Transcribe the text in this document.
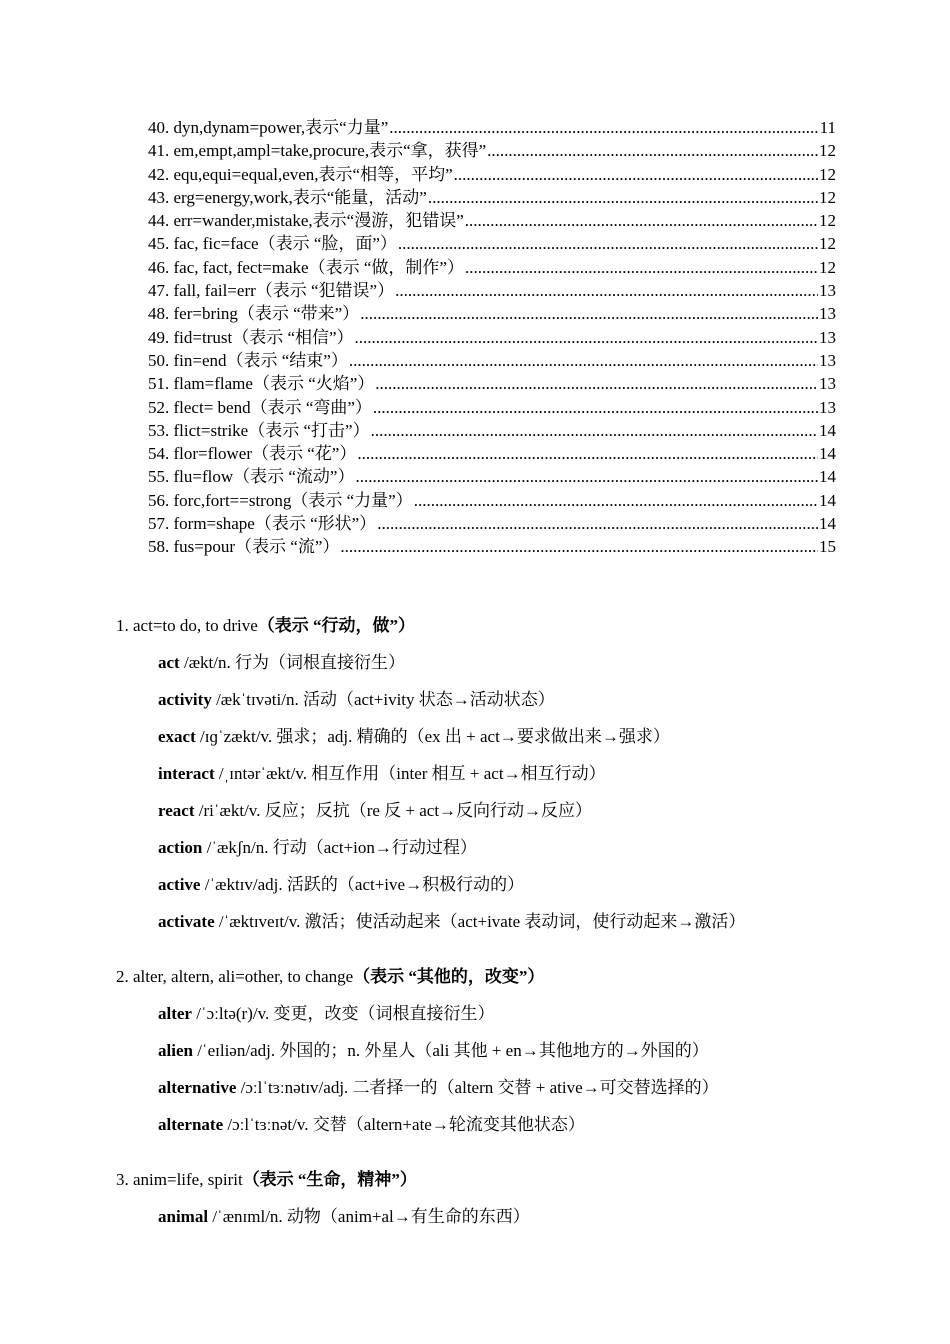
40. dyn,dynam=power,表示“力量” .....	11
41. em,empt,ampl=take,procure,表示“拿，获得” .....	12
42. equ,equi=equal,even,表示“相等，平均” .....	12
43. erg=energy,work,表示“能量，活动” .....	12
44. err=wander,mistake,表示“漫游，犯错误” .....	12
45. fac, fic=face（表示 “脸，面”） .....	12
46. fac, fact, fect=make（表示 “做，制作”） .....	12
47. fall, fail=err（表示 “犯错误”） .....	13
48. fer=bring（表示 “带来”） .....	13
49. fid=trust（表示 “相信”） .....	13
50. fin=end（表示 “结束”） .....	13
51. flam=flame（表示 “火焰”） .....	13
52. flect= bend（表示 “弯曲”） .....	13
53. flict=strike（表示 “打击”） .....	14
54. flor=flower（表示 “花”） .....	14
55. flu=flow（表示 “流动”） .....	14
56. forc,fort==strong（表示 “力量”） .....	14
57. form=shape（表示 “形状”） .....	14
58. fus=pour（表示 “流”） .....	15
1. act=to do, to drive（表示 “行动，做”）
act /ækt/n. 行为（词根直接衍生）
activity /ækˈtɪvəti/n. 活动（act+ivity 状态→活动状态）
exact /ɪɡˈzækt/v. 强求；adj. 精确的（ex 出 + act→要求做出来→强求）
interact /ˌɪntərˈækt/v. 相互作用（inter 相互 + act→相互行动）
react /riˈækt/v. 反应；反抗（re 反 + act→反向行动→反应）
action /ˈækʃn/n. 行动（act+ion→行动过程）
active /ˈæktɪv/adj. 活跃的（act+ive→积极行动的）
activate /ˈæktɪveɪt/v. 激活；使活动起来（act+ivate 表动词，使行动起来→激活）
2. alter, altern, ali=other, to change（表示 “其他的，改变”）
alter /ˈɔːltə(r)/v. 变更，改变（词根直接衍生）
alien /ˈeɪliən/adj. 外国的；n. 外星人（ali 其他 + en→其他地方的→外国的）
alternative /ɔːlˈtɜːnətɪv/adj. 二者择一的（altern 交替 + ative→可交替选择的）
alternate /ɔːlˈtɜːnət/v. 交替（altern+ate→轮流变其他状态）
3. anim=life, spirit（表示 “生命，精神”）
animal /ˈænɪml/n. 动物（anim+al→有生命的东西）
